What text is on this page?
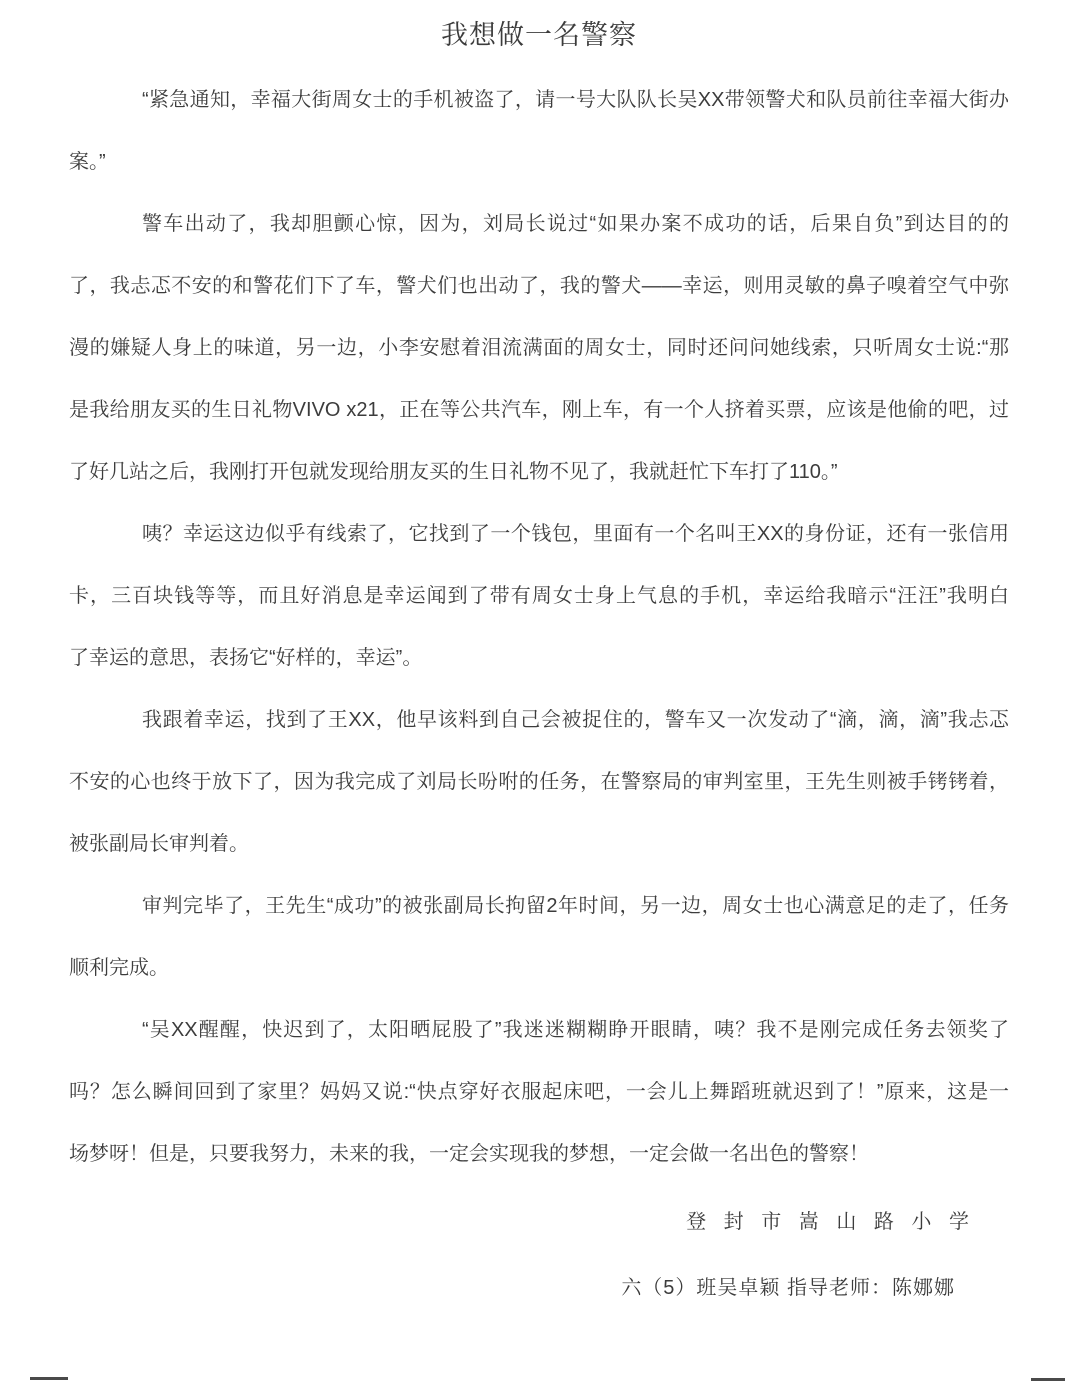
我想做一名警察
“紧急通知，幸福大街周女士的手机被盗了，请一号大队队长吴XX带领警犬和队员前往幸福大街办
案。”
警车出动了，我却胆颤心惊，因为，刘局长说过“如果办案不成功的话，后果自负”到达目的的
了，我忐忑不安的和警花们下了车，警犬们也出动了，我的警犬——幸运，则用灵敏的鼻子嗅着空气中弥
漫的嫌疑人身上的味道，另一边，小李安慰着泪流满面的周女士，同时还问问她线索，只听周女士说:“那
是我给朋友买的生日礼物VIVO x21，正在等公共汽车，刚上车，有一个人挤着买票，应该是他偷的吧，过
了好几站之后，我刚打开包就发现给朋友买的生日礼物不见了，我就赶忙下车打了110。”
咦？幸运这边似乎有线索了，它找到了一个钱包，里面有一个名叫王XX的身份证，还有一张信用
卡，三百块钱等等，而且好消息是幸运闻到了带有周女士身上气息的手机，幸运给我暗示“汪汪”我明白
了幸运的意思，表扬它“好样的，幸运”。
我跟着幸运，找到了王XX，他早该料到自己会被捉住的，警车又一次发动了“滴，滴，滴”我忐忑
不安的心也终于放下了，因为我完成了刘局长吩咐的任务，在警察局的审判室里，王先生则被手铐铐着，
被张副局长审判着。
审判完毕了，王先生“成功”的被张副局长拘留2年时间，另一边，周女士也心满意足的走了，任务
顺利完成。
“吴XX醒醒，快迟到了，太阳晒屁股了”我迷迷糊糊睁开眼睛，咦？我不是刚完成任务去领奖了
吗？怎么瞬间回到了家里？妈妈又说:“快点穿好衣服起床吧，一会儿上舞蹈班就迟到了！”原来，这是一
场梦呀！但是，只要我努力，未来的我，一定会实现我的梦想，一定会做一名出色的警察！
登 封 市 嵩 山 路 小 学
六（5）班吴卓颖 指导老师：陈娜娜
